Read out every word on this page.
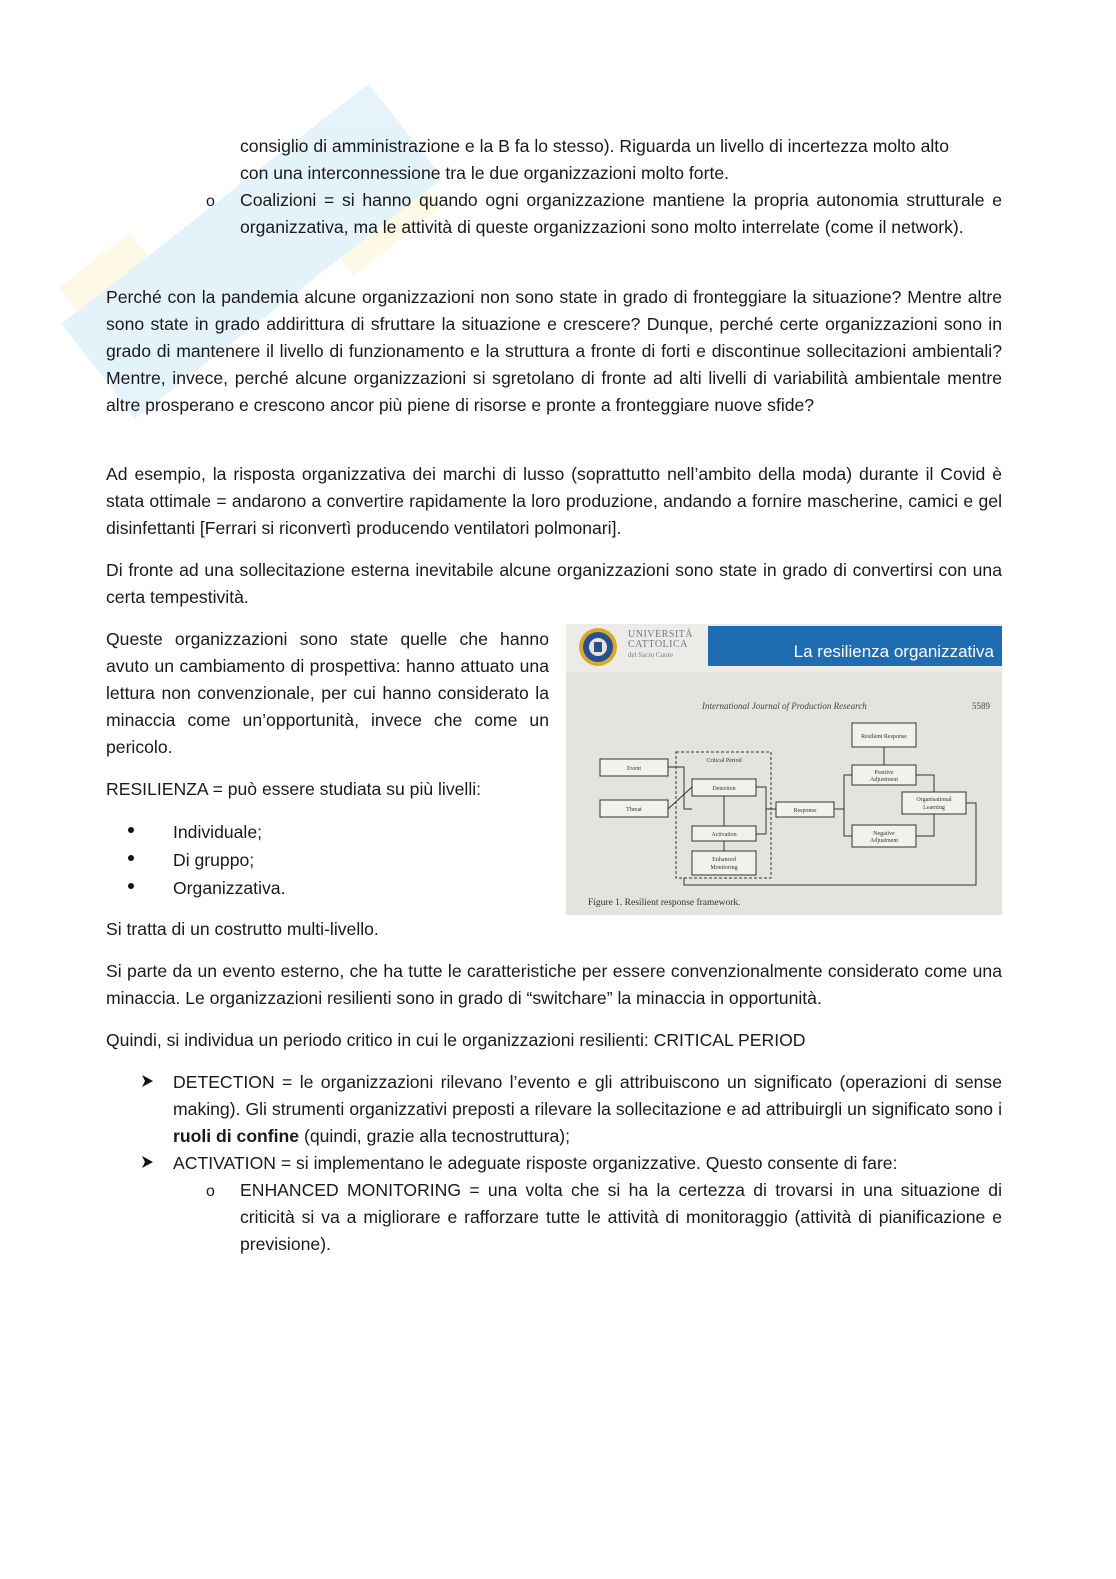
consiglio di amministrazione e la B fa lo stesso). Riguarda un livello di incertezza molto alto
con una interconnessione tra le due organizzazioni molto forte.
o Coalizioni = si hanno quando ogni organizzazione mantiene la propria autonomia strutturale e organizzativa, ma le attività di queste organizzazioni sono molto interrelate (come il network).
Perché con la pandemia alcune organizzazioni non sono state in grado di fronteggiare la situazione? Mentre altre sono state in grado addirittura di sfruttare la situazione e crescere? Dunque, perché certe organizzazioni sono in grado di mantenere il livello di funzionamento e la struttura a fronte di forti e discontinue sollecitazioni ambientali? Mentre, invece, perché alcune organizzazioni si sgretolano di fronte ad alti livelli di variabilità ambientale mentre altre prosperano e crescono ancor più piene di risorse e pronte a fronteggiare nuove sfide?
Ad esempio, la risposta organizzativa dei marchi di lusso (soprattutto nell’ambito della moda) durante il Covid è stata ottimale = andarono a convertire rapidamente la loro produzione, andando a fornire mascherine, camici e gel disinfettanti [Ferrari si riconvertì producendo ventilatori polmonari].
Di fronte ad una sollecitazione esterna inevitabile alcune organizzazioni sono state in grado di convertirsi con una certa tempestività.
Queste organizzazioni sono state quelle che hanno avuto un cambiamento di prospettiva: hanno attuato una lettura non convenzionale, per cui hanno considerato la minaccia come un’opportunità, invece che come un pericolo.
RESILIENZA = può essere studiata su più livelli:
Individuale;
Di gruppo;
Organizzativa.
Si tratta di un costrutto multi-livello.
Si parte da un evento esterno, che ha tutte le caratteristiche per essere convenzionalmente considerato come una minaccia. Le organizzazioni resilienti sono in grado di “switchare” la minaccia in opportunità.
Quindi, si individua un periodo critico in cui le organizzazioni resilienti: CRITICAL PERIOD
DETECTION = le organizzazioni rilevano l’evento e gli attribuiscono un significato (operazioni di sense making). Gli strumenti organizzativi preposti a rilevare la sollecitazione e ad attribuirgli un significato sono i ruoli di confine (quindi, grazie alla tecnostruttura);
ACTIVATION = si implementano le adeguate risposte organizzative. Questo consente di fare:
o ENHANCED MONITORING = una volta che si ha la certezza di trovarsi in una situazione di criticità si va a migliorare e rafforzare tutte le attività di monitoraggio (attività di pianificazione e previsione).
UNIVERSITÀ
CATTOLICA
del Sacro Cuore	La resilienza organizzativa
Event
Threat
Critical Period
Detection
Activation
Enhanced
Monitoring
Response
Resilient Response
Positive
Adjustment
Negative
Adjustment
Organisational
Learning
International Journal of Production Research	5589
Figure 1. Resilient response framework.
